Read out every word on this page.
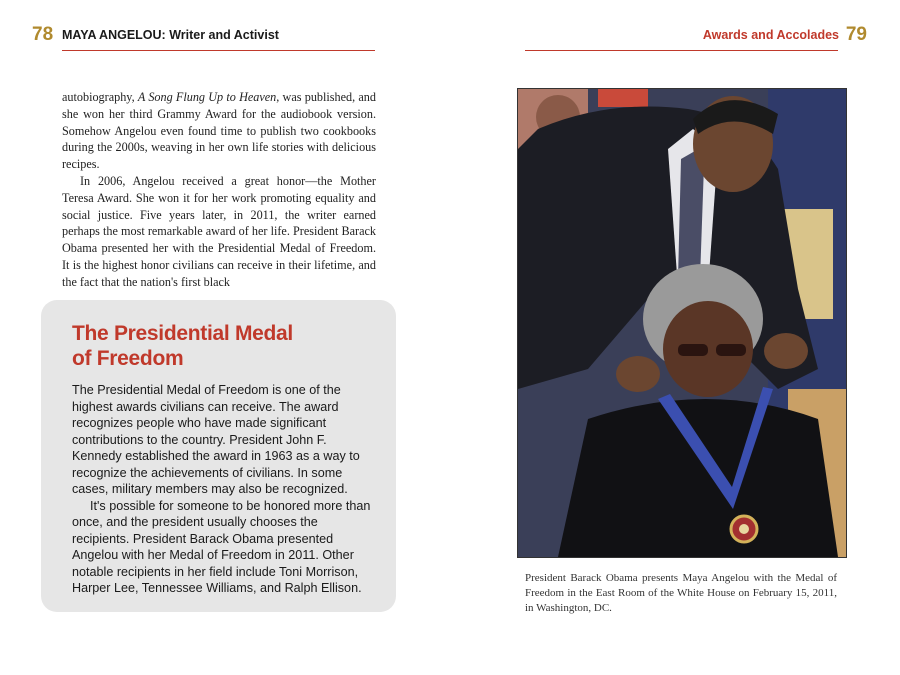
78 MAYA ANGELOU: Writer and Activist

autobiography, A Song Flung Up to Heaven, was published, and she won her third Grammy Award for the audiobook version. Somehow Angelou even found time to publish two cookbooks during the 2000s, weaving in her own life stories with delicious recipes.

In 2006, Angelou received a great honor—the Mother Teresa Award. She won it for her work promoting equality and social justice. Five years later, in 2011, the writer earned perhaps the most remarkable award of her life. President Barack Obama presented her with the Presidential Medal of Freedom. It is the highest honor civilians can receive in their lifetime, and the fact that the nation's first black

The Presidential Medal
of Freedom

The Presidential Medal of Freedom is one of the highest awards civilians can receive. The award recognizes people who have made significant contributions to the country. President John F. Kennedy established the award in 1963 as a way to recognize the achievements of civilians. In some cases, military members may also be recognized.

It's possible for someone to be honored more than once, and the president usually chooses the recipients. President Barack Obama presented Angelou with her Medal of Freedom in 2011. Other notable recipients in her field include Toni Morrison, Harper Lee, Tennessee Williams, and Ralph Ellison.

Awards and Accolades 79
President Barack Obama presents Maya Angelou with the Medal of Freedom in the East Room of the White House on February 15, 2011, in Washington, DC.
